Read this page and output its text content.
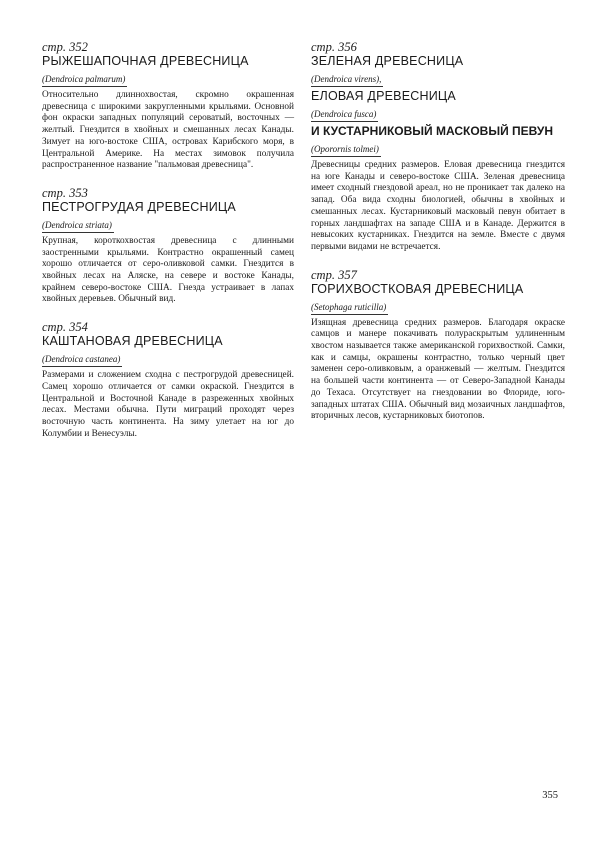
стр. 352

РЫЖЕШАПОЧНАЯ ДРЕВЕСНИЦА

(Dendroica palmarum)

Относительно длиннохвостая, скромно окрашенная древесница с широкими закругленными крыльями. Основной фон окраски западных популяций сероватый, восточных — желтый. Гнездится в хвойных и смешанных лесах Канады. Зимует на юго-востоке США, островах Карибского моря, в Центральной Америке. На местах зимовок получила распространенное название "пальмовая древесница".

стр. 353

ПЕСТРОГРУДАЯ ДРЕВЕСНИЦА

(Dendroica striata)

Крупная, короткохвостая древесница с длинными заостренными крыльями. Контрастно окрашенный самец хорошо отличается от серо-оливковой самки. Гнездится в хвойных лесах на Аляске, на севере и востоке Канады, крайнем северо-востоке США. Гнезда устраивает в лапах хвойных деревьев. Обычный вид.

стр. 354

КАШТАНОВАЯ ДРЕВЕСНИЦА

(Dendroica castanea)

Размерами и сложением сходна с пестрогрудой древесницей. Самец хорошо отличается от самки окраской. Гнездится в Центральной и Восточной Канаде в разреженных хвойных лесах. Местами обычна. Пути миграций проходят через восточную часть континента. На зиму улетает на юг до Колумбии и Венесуэлы.

стр. 356

ЗЕЛЕНАЯ ДРЕВЕСНИЦА

(Dendroica virens),

ЕЛОВАЯ ДРЕВЕСНИЦА

(Dendroica fusca)

И КУСТАРНИКОВЫЙ МАСКОВЫЙ ПЕВУН

(Oporornis tolmei)

Древесницы средних размеров. Еловая древесница гнездится на юге Канады и северо-востоке США. Зеленая древесница имеет сходный гнездовой ареал, но не проникает так далеко на запад. Оба вида сходны биологией, обычны в хвойных и смешанных лесах. Кустарниковый масковый певун обитает в горных ландшафтах на западе США и в Канаде. Держится в невысоких кустарниках. Гнездится на земле. Вместе с двумя первыми видами не встречается.

стр. 357

ГОРИХВОСТКОВАЯ ДРЕВЕСНИЦА

(Setophaga ruticilla)

Изящная древесница средних размеров. Благодаря окраске самцов и манере покачивать полураскрытым удлиненным хвостом называется также американской горихвосткой. Самки, как и самцы, окрашены контрастно, только черный цвет заменен серо-оливковым, а оранжевый — желтым. Гнездится на большей части континента — от Северо-Западной Канады до Техаса. Отсутствует на гнездовании во Флориде, юго-западных штатах США. Обычный вид мозаичных ландшафтов, вторичных лесов, кустарниковых биотопов.

355
